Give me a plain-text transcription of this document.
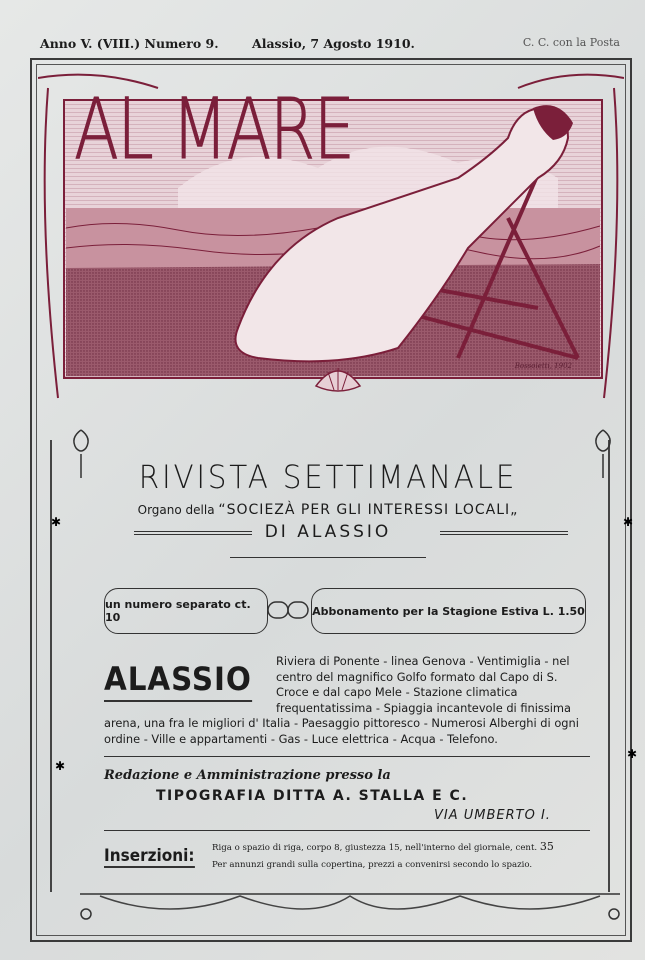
Anno V. (VIII.) Numero 9.	Alassio, 7 Agosto 1910.	C. C. con la Posta
AL MARE
Bossoletti, 1902
RIVISTA SETTIMANALE
Organo della “SOCIEZÀ PER GLI INTERESSI LOCALI„
DI ALASSIO
un numero separato ct. 10	Abbonamento per la Stagione Estiva L. 1.50
Riviera di Ponente - linea Genova - Ventimiglia - nel centro del magnifico Golfo formato dal Capo di S. Croce e dal capo Mele - Stazione climatica frequentatissima - Spiaggia incantevole di finissima arena, una fra le migliori d' Italia - Paesaggio pittoresco - Numerosi Alberghi di ogni ordine - Ville e appartamenti - Gas - Luce elettrica - Acqua - Telefono.
ALASSIO
Redazione e Amministrazione presso la
TIPOGRAFIA DITTA A. STALLA E C.
VIA UMBERTO I.
Inserzioni: Riga o spazio di riga, corpo 8, giustezza 15, nell'interno del giornale, cent. 35
Per annunzi grandi sulla copertina, prezzi a convenirsi secondo lo spazio.
✱	✱
✱
✱
